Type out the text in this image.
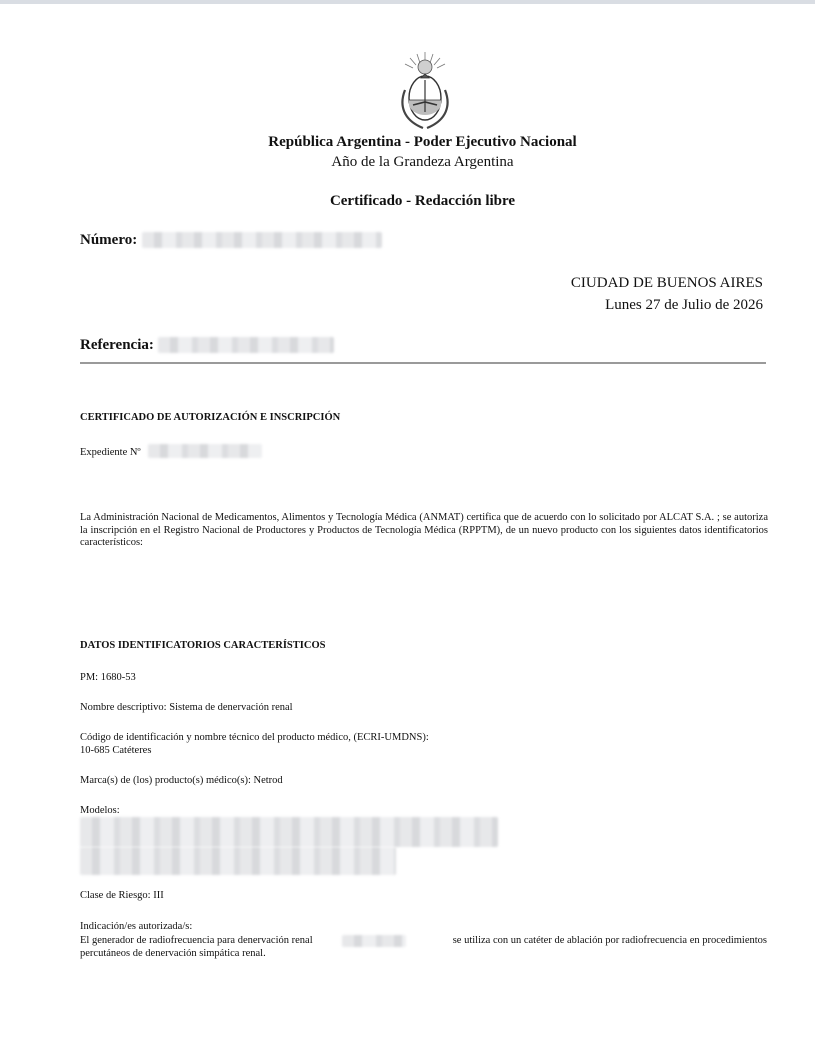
República Argentina - Poder Ejecutivo Nacional
Año de la Grandeza Argentina
Certificado - Redacción libre
Número:
CIUDAD DE BUENOS AIRES
Lunes 27 de Julio de 2026
Referencia:
CERTIFICADO DE AUTORIZACIÓN E INSCRIPCIÓN
Expediente Nº
La Administración Nacional de Medicamentos, Alimentos y Tecnología Médica (ANMAT) certifica que de acuerdo con lo solicitado por ALCAT S.A. ; se autoriza la inscripción en el Registro Nacional de Productores y Productos de Tecnología Médica (RPPTM), de un nuevo producto con los siguientes datos identificatorios característicos:
DATOS IDENTIFICATORIOS CARACTERÍSTICOS
PM: 1680-53
Nombre descriptivo: Sistema de denervación renal
Código de identificación y nombre técnico del producto médico, (ECRI-UMDNS):
10-685 Catéteres
Marca(s) de (los) producto(s) médico(s): Netrod
Modelos:
Clase de Riesgo: III
Indicación/es autorizada/s:
El generador de radiofrecuencia para denervación renal	se utiliza con un catéter de ablación por radiofrecuencia en procedimientos
percutáneos de denervación simpática renal.
